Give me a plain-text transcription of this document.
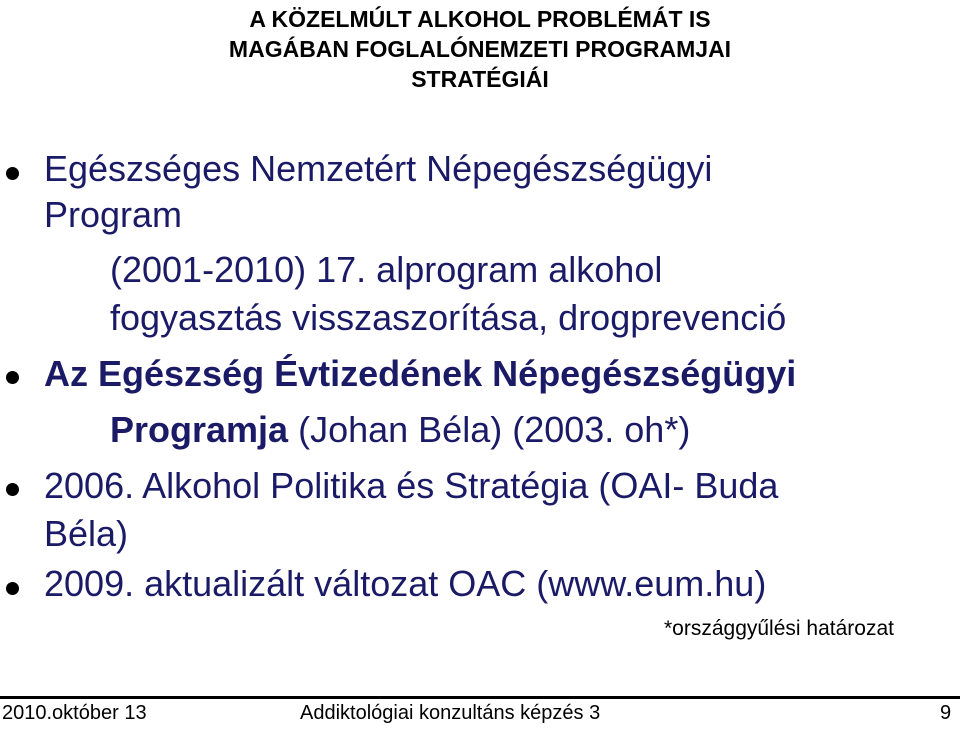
A KÖZELMÚLT ALKOHOL PROBLÉMÁT IS
MAGÁBAN FOGLALÓNEMZETI PROGRAMJAI
STRATÉGIÁI
Egészséges Nemzetért Népegészségügyi
Program
(2001-2010) 17. alprogram alkohol
fogyasztás visszaszorítása, drogprevenció
Az Egészség Évtizedének Népegészségügyi
Programja (Johan Béla) (2003. oh*)
2006. Alkohol Politika és Stratégia (OAI- Buda
Béla)
2009. aktualizált változat OAC (www.eum.hu)
*országgyűlési határozat
2010.október 13	Addiktológiai konzultáns képzés 3	9
